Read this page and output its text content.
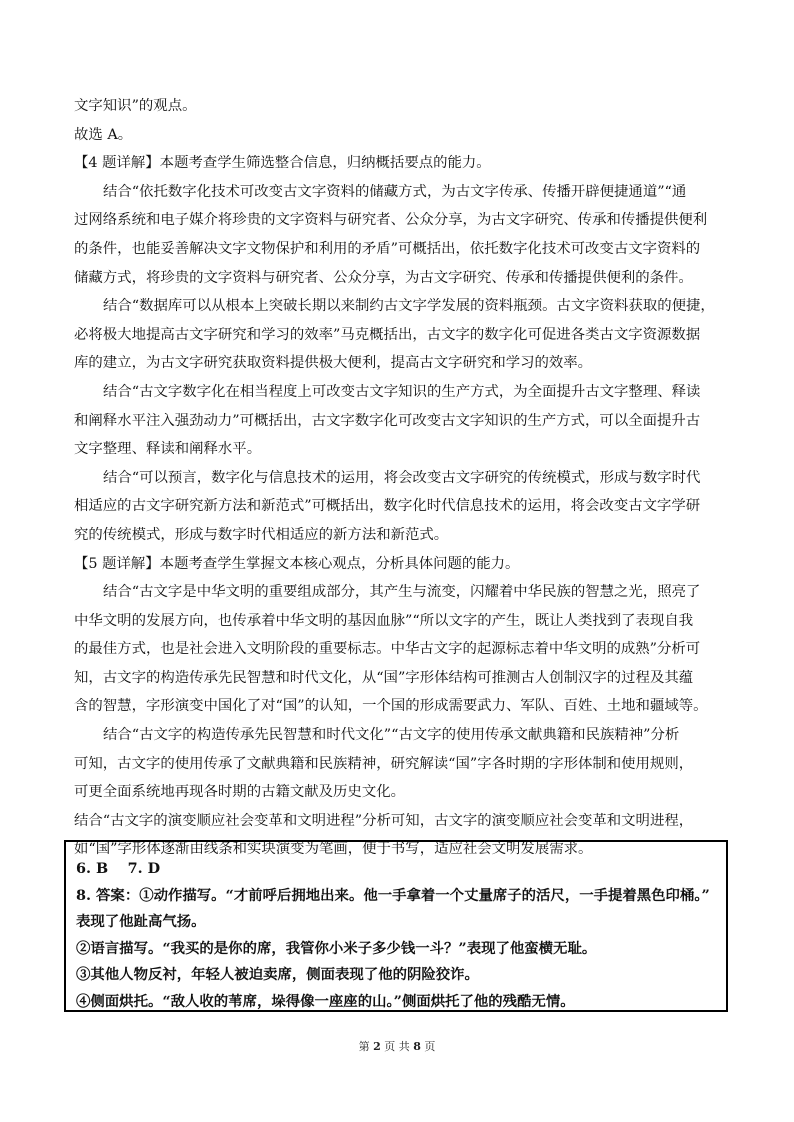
文字知识”的观点。
故选 A。
【4 题详解】本题考查学生筛选整合信息，归纳概括要点的能力。
结合“依托数字化技术可改变古文字资料的储藏方式，为古文字传承、传播开辟便捷通道”“通
过网络系统和电子媒介将珍贵的文字资料与研究者、公众分享，为古文字研究、传承和传播提供便利
的条件，也能妥善解决文字文物保护和利用的矛盾”可概括出，依托数字化技术可改变古文字资料的
储藏方式，将珍贵的文字资料与研究者、公众分享，为古文字研究、传承和传播提供便利的条件。
结合“数据库可以从根本上突破长期以来制约古文字学发展的资料瓶颈。古文字资料获取的便捷，
必将极大地提高古文字研究和学习的效率”马克概括出，古文字的数字化可促进各类古文字资源数据
库的建立，为古文字研究获取资料提供极大便利，提高古文字研究和学习的效率。
结合“古文字数字化在相当程度上可改变古文字知识的生产方式，为全面提升古文字整理、释读
和阐释水平注入强劲动力”可概括出，古文字数字化可改变古文字知识的生产方式，可以全面提升古
文字整理、释读和阐释水平。
结合“可以预言，数字化与信息技术的运用，将会改变古文字研究的传统模式，形成与数字时代
相适应的古文字研究新方法和新范式”可概括出，数字化时代信息技术的运用，将会改变古文字学研
究的传统模式，形成与数字时代相适应的新方法和新范式。
【5 题详解】本题考查学生掌握文本核心观点，分析具体问题的能力。
结合“古文字是中华文明的重要组成部分，其产生与流变，闪耀着中华民族的智慧之光，照亮了
中华文明的发展方向，也传承着中华文明的基因血脉”“所以文字的产生，既让人类找到了表现自我
的最佳方式，也是社会进入文明阶段的重要标志。中华古文字的起源标志着中华文明的成熟”分析可
知，古文字的构造传承先民智慧和时代文化，从“国”字形体结构可推测古人创制汉字的过程及其蕴
含的智慧，字形演变中国化了对“国”的认知，一个国的形成需要武力、军队、百姓、土地和疆域等。
结合“古文字的构造传承先民智慧和时代文化”“古文字的使用传承文献典籍和民族精神”分析
可知，古文字的使用传承了文献典籍和民族精神，研究解读“国”字各时期的字形体制和使用规则，
可更全面系统地再现各时期的古籍文献及历史文化。
结合“古文字的演变顺应社会变革和文明进程”分析可知，古文字的演变顺应社会变革和文明进程，
如“国”字形体逐渐由线条和实块演变为笔画，便于书写，适应社会文明发展需求。
6. B　 7. D
8. 答案：①动作描写。“才前呼后拥地出来。他一手拿着一个丈量席子的活尺，一手提着黑色印桶。”
表现了他趾高气扬。
②语言描写。“我买的是你的席，我管你小米子多少钱一斗？”表现了他蛮横无耻。
③其他人物反衬，年轻人被迫卖席，侧面表现了他的阴险狡诈。
④侧面烘托。“敌人收的苇席，垛得像一座座的山。”侧面烘托了他的残酷无情。
第 2 页 共 8 页
